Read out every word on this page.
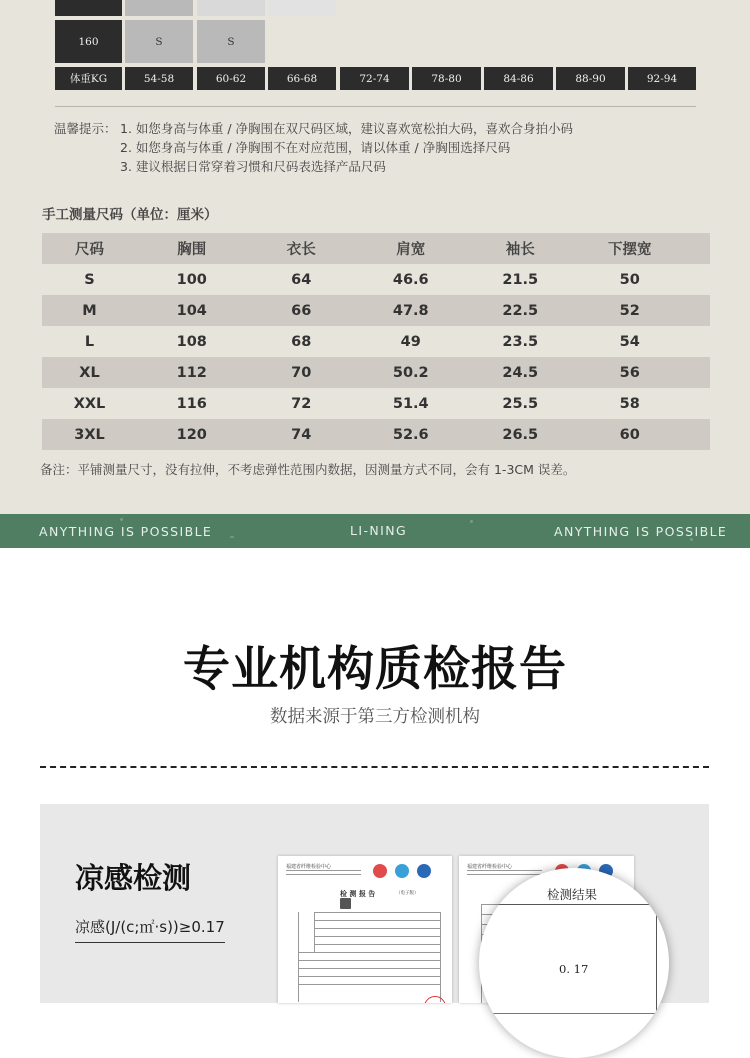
160	S	S
体重KG	54-58	60-62	66-68	72-74	78-80	84-86	88-90	92-94
温馨提示： 1. 如您身高与体重 / 净胸围在双尺码区域，建议喜欢宽松拍大码，喜欢合身拍小码
2. 如您身高与体重 / 净胸围不在对应范围，请以体重 / 净胸围选择尺码
3. 建议根据日常穿着习惯和尺码表选择产品尺码
手工测量尺码（单位：厘米）
尺码	胸围	衣长	肩宽	袖长	下摆宽
S	100	64	46.6	21.5	50
M	104	66	47.8	22.5	52
L	108	68	49	23.5	54
XL	112	70	50.2	24.5	56
XXL	116	72	51.4	25.5	58
3XL	120	74	52.6	26.5	60
备注：平铺测量尺寸，没有拉伸，不考虑弹性范围内数据，因测量方式不同，会有 1-3CM 误差。
ANYTHING IS POSSIBLE	LI-NING	ANYTHING IS POSSIBLE
专业机构质检报告
数据来源于第三方检测机构
凉感检测
凉感(J/(c;㎡·s))≥0.17
福建省纤维检验中心
检 测 报 告	（电子版）
福建省纤维检验中心
检测结果
0. 17
